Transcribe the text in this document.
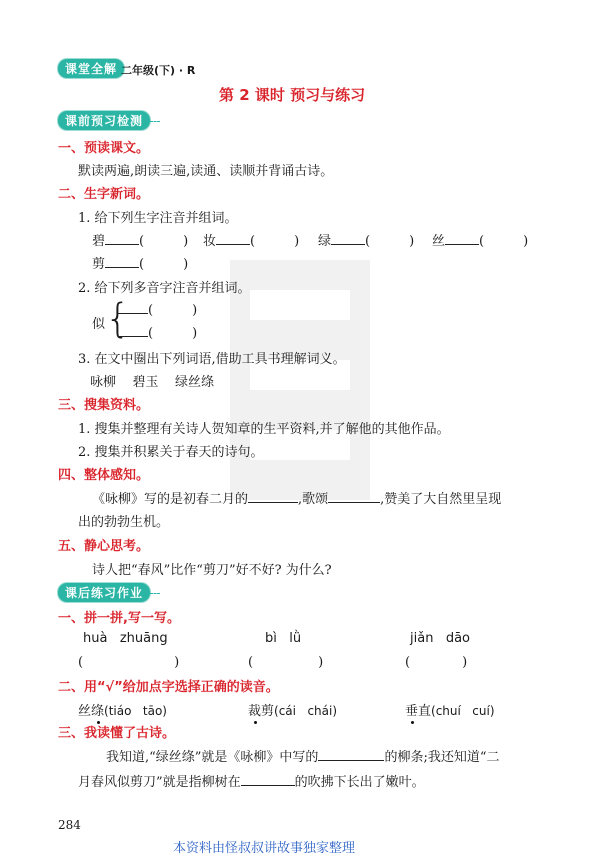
课堂全解 二年级(下) · R
第 2 课时 预习与练习
课前预习检测
一、预读课文。
默读两遍,朗读三遍,读通、读顺并背诵古诗。
二、生字新词。
1. 给下列生字注音并组词。
碧	(　　　) 妆	(　　　) 绿	(　　　) 丝	(　　　)
剪	(　　　)
2. 给下列多音字注音并组词。
似 {	(　　　)
(　　　)
3. 在文中圈出下列词语,借助工具书理解词义。
咏柳    碧玉    绿丝绦
三、搜集资料。
1. 搜集并整理有关诗人贺知章的生平资料,并了解他的其他作品。
2. 搜集并积累关于春天的诗句。
四、整体感知。
《咏柳》写的是初春二月的	,歌颂	,赞美了大自然里呈现
出的勃勃生机。
五、静心思考。
诗人把“春风”比作“剪刀”好不好? 为什么?
课后练习作业
一、拼一拼,写一写。
huà   zhuāng	bì   lǜ	jiǎn   dāo
(　　　　　　　)	(　　　　　)	(　　　　)
二、用“√”给加点字选择正确的读音。
丝绦(tiáo   tāo)	裁剪(cái   chái)	垂直(chuí   cuí)
三、我读懂了古诗。
我知道,“绿丝绦”就是《咏柳》中写的	的柳条;我还知道“二
月春风似剪刀”就是指柳树在	的吹拂下长出了嫩叶。
284
本资料由怪叔叔讲故事独家整理
